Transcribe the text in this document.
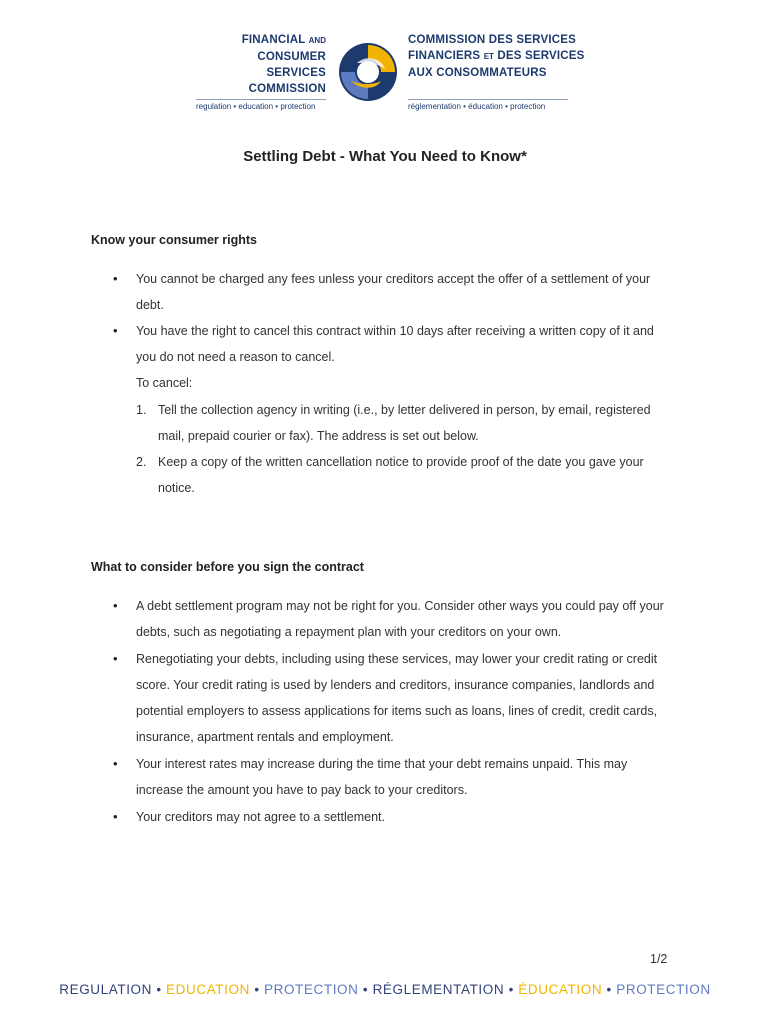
FINANCIAL AND
CONSUMER SERVICES
COMMISSION
regulation • education • protection
COMMISSION DES SERVICES
FINANCIERS ET DES SERVICES
AUX CONSOMMATEURS
réglementation • éducation • protection
Settling Debt - What You Need to Know*
Know your consumer rights
• You cannot be charged any fees unless your creditors accept the offer of a settlement of your
debt.
• You have the right to cancel this contract within 10 days after receiving a written copy of it and
you do not need a reason to cancel.
To cancel:
1. Tell the collection agency in writing (i.e., by letter delivered in person, by email, registered
mail, prepaid courier or fax). The address is set out below.
2. Keep a copy of the written cancellation notice to provide proof of the date you gave your
notice.
What to consider before you sign the contract
• A debt settlement program may not be right for you. Consider other ways you could pay off your
debts, such as negotiating a repayment plan with your creditors on your own.
• Renegotiating your debts, including using these services, may lower your credit rating or credit
score. Your credit rating is used by lenders and creditors, insurance companies, landlords and
potential employers to assess applications for items such as loans, lines of credit, credit cards,
insurance, apartment rentals and employment.
• Your interest rates may increase during the time that your debt remains unpaid. This may
increase the amount you have to pay back to your creditors.
• Your creditors may not agree to a settlement.
1/2
REGULATION • EDUCATION • PROTECTION • RÉGLEMENTATION • ÉDUCATION • PROTECTION
